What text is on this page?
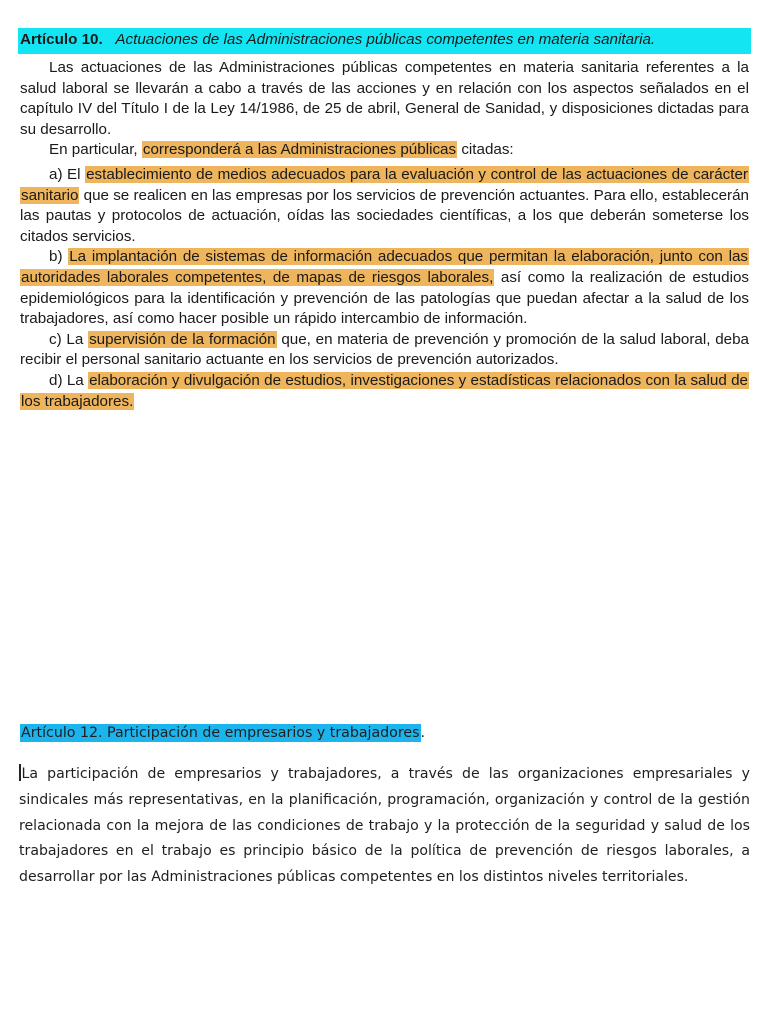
Artículo 10. Actuaciones de las Administraciones públicas competentes en materia sanitaria.

Las actuaciones de las Administraciones públicas competentes en materia sanitaria referentes a la salud laboral se llevarán a cabo a través de las acciones y en relación con los aspectos señalados en el capítulo IV del Título I de la Ley 14/1986, de 25 de abril, General de Sanidad, y disposiciones dictadas para su desarrollo.

En particular, corresponderá a las Administraciones públicas citadas:

a) El establecimiento de medios adecuados para la evaluación y control de las actuaciones de carácter sanitario que se realicen en las empresas por los servicios de prevención actuantes. Para ello, establecerán las pautas y protocolos de actuación, oídas las sociedades científicas, a los que deberán someterse los citados servicios.

b) La implantación de sistemas de información adecuados que permitan la elaboración, junto con las autoridades laborales competentes, de mapas de riesgos laborales, así como la realización de estudios epidemiológicos para la identificación y prevención de las patologías que puedan afectar a la salud de los trabajadores, así como hacer posible un rápido intercambio de información.

c) La supervisión de la formación que, en materia de prevención y promoción de la salud laboral, deba recibir el personal sanitario actuante en los servicios de prevención autorizados.

d) La elaboración y divulgación de estudios, investigaciones y estadísticas relacionados con la salud de los trabajadores.

Artículo 12. Participación de empresarios y trabajadores.

La participación de empresarios y trabajadores, a través de las organizaciones empresariales y sindicales más representativas, en la planificación, programación, organización y control de la gestión relacionada con la mejora de las condiciones de trabajo y la protección de la seguridad y salud de los trabajadores en el trabajo es principio básico de la política de prevención de riesgos laborales, a desarrollar por las Administraciones públicas competentes en los distintos niveles territoriales.
